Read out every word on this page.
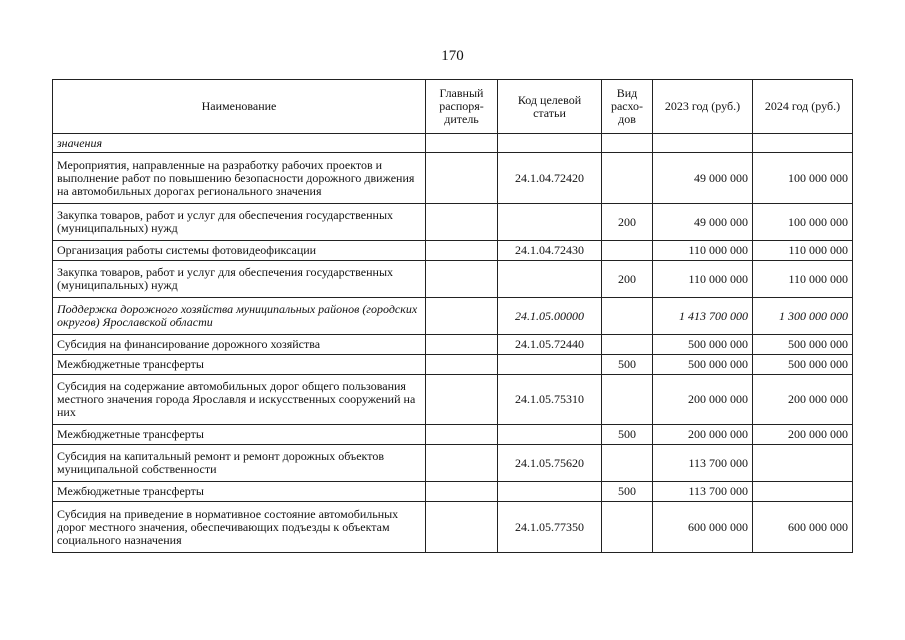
170
Наименование	Главный распоря-дитель	Код целевой статьи	Вид расхо-дов	2023 год (руб.)	2024 год (руб.)
значения					
Мероприятия, направленные на разработку рабочих проектов и выполнение работ по повышению безопасности дорожного движения на автомобильных дорогах регионального значения		24.1.04.72420		49 000 000	100 000 000
Закупка товаров, работ и услуг для обеспечения государственных (муниципальных) нужд			200	49 000 000	100 000 000
Организация работы системы фотовидеофиксации		24.1.04.72430		110 000 000	110 000 000
Закупка товаров, работ и услуг для обеспечения государственных (муниципальных) нужд			200	110 000 000	110 000 000
Поддержка дорожного хозяйства муниципальных районов (городских округов) Ярославской области		24.1.05.00000		1 413 700 000	1 300 000 000
Субсидия на финансирование дорожного хозяйства		24.1.05.72440		500 000 000	500 000 000
Межбюджетные трансферты			500	500 000 000	500 000 000
Субсидия на содержание автомобильных дорог общего пользования местного значения города Ярославля и искусственных сооружений на них		24.1.05.75310		200 000 000	200 000 000
Межбюджетные трансферты			500	200 000 000	200 000 000
Субсидия на капитальный ремонт и ремонт дорожных объектов муниципальной собственности		24.1.05.75620		113 700 000	
Межбюджетные трансферты			500	113 700 000	
Субсидия на приведение в нормативное состояние автомобильных дорог местного значения, обеспечивающих подъезды к объектам социального назначения		24.1.05.77350		600 000 000	600 000 000
